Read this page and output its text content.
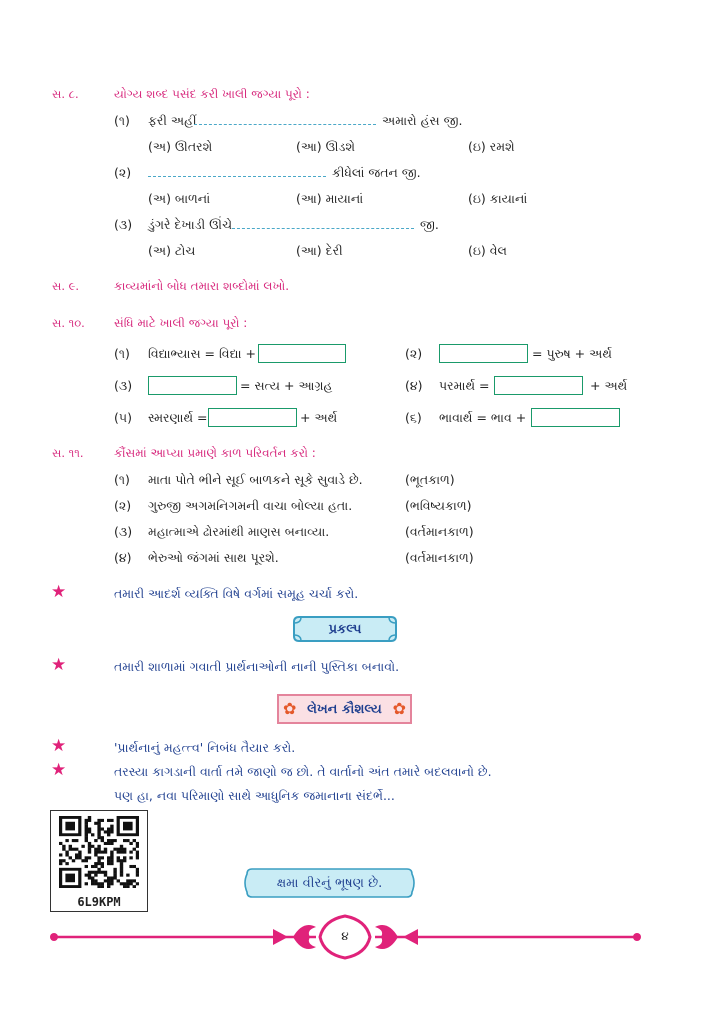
સ. ૮.	યોગ્ય શબ્દ પસંદ કરી ખાલી જગ્યા પૂરો :
(૧) ફરી અહીં	અમારો હંસ જી.
(અ) ઊતરશે	(આ) ઊડશે	(ઇ) રમશે
(૨)	કીધેલાં જતન જી.
(અ) બાળનાં	(આ) માયાનાં	(ઇ) કાયાનાં
(૩) ડુંગરે દેખાડી ઊંચે	જી.
(અ) ટોચ	(આ) દેરી	(ઇ) વેલ
સ. ૯.	કાવ્યમાંનો બોધ તમારા શબ્દોમાં લખો.
સ. ૧૦. સંધિ માટે ખાલી જગ્યા પૂરો :
(૧) વિદ્યાભ્યાસ = વિદ્યા +	(૨)	= પુરુષ + અર્થ
(૩)	= સત્ય + આગ્રહ	(૪) પરમાર્થ =	+ અર્થ
(૫) સ્મરણાર્થ =	+ અર્થ	(૬) ભાવાર્થ = ભાવ +
સ. ૧૧.	કૌંસમાં આપ્યા પ્રમાણે કાળ પરિવર્તન કરો :
(૧) માતા પોતે ભીને સૂઈ બાળકને સૂકે સુવાડે છે.	(ભૂતકાળ)
(૨) ગુરુજી અગમનિગમની વાચા બોલ્યા હતા.	(ભવિષ્યકાળ)
(૩) મહાત્માએ ઢોરમાંથી માણસ બનાવ્યા.	(વર્તમાનકાળ)
(૪) ભેરુઓ જંગમાં સાથ પૂરશે.	(વર્તમાનકાળ)
★	તમારી આદર્શ વ્યક્તિ વિષે વર્ગમાં સમૂહ ચર્ચા કરો.
પ્રકલ્પ
★	તમારી શાળામાં ગવાતી પ્રાર્થનાઓની નાની પુસ્તિકા બનાવો.
✿	✿
લેખન કૌશલ્ય
★	'પ્રાર્થનાનું મહત્ત્વ' નિબંધ તૈયાર કરો.
★	તરસ્યા કાગડાની વાર્તા તમે જાણો જ છો. તે વાર્તાનો અંત તમારે બદલવાનો છે.
પણ હા, નવા પરિમાણો સાથે આધુનિક જમાનાના સંદર્ભે...
6L9KPM
ક્ષમા વીરનું ભૂષણ છે.
૪
